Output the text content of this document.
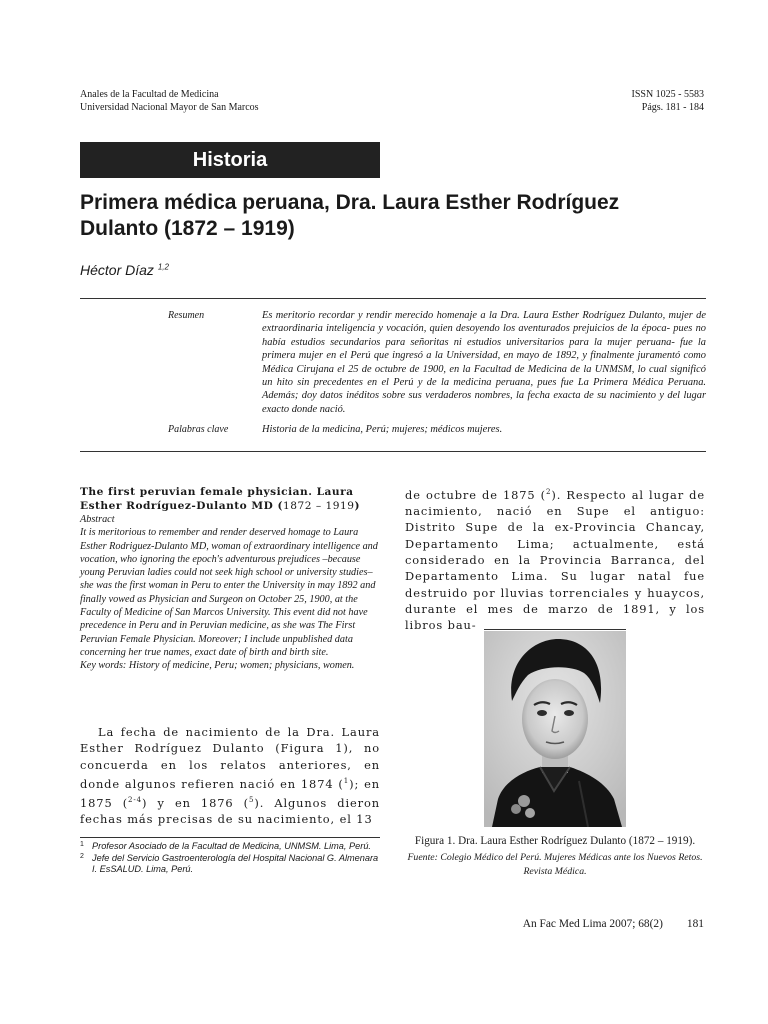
Anales de la Facultad de Medicina
Universidad Nacional Mayor de San Marcos
ISSN 1025 - 5583
Págs. 181 - 184
Historia
Primera médica peruana, Dra. Laura Esther Rodríguez Dulanto (1872 – 1919)
Héctor Díaz $^{1,2}$
Resumen	Es meritorio recordar y rendir merecido homenaje a la Dra. Laura Esther Rodríguez Dulanto, mujer de extraordinaria inteligencia y vocación, quien desoyendo los aventurados prejuicios de la época- pues no había estudios secundarios para señoritas ni estudios universitarios para la mujer peruana- fue la primera mujer en el Perú que ingresó a la Universidad, en mayo de 1892, y finalmente juramentó como Médica Cirujana el 25 de octubre de 1900, en la Facultad de Medicina de la UNMSM, lo cual significó un hito sin precedentes en el Perú y de la medicina peruana, pues fue La Primera Médica Peruana. Además; doy datos inéditos sobre sus verdaderos nombres, la fecha exacta de su nacimiento y del lugar exacto donde nació.
Palabras clave	Historia de la medicina, Perú; mujeres; médicos mujeres.
The first peruvian female physician. Laura Esther Rodríguez-Dulanto MD (1872 – 1919)
Abstract
It is meritorious to remember and render deserved homage to Laura Esther Rodriguez-Dulanto MD, woman of extraordinary intelligence and vocation, who ignoring the epoch's adventurous prejudices –because young Peruvian ladies could not seek high school or university studies– she was the first woman in Peru to enter the University in may 1892 and finally vowed as Physician and Surgeon on October 25, 1900, at the Faculty of Medicine of San Marcos University. This event did not have precedence in Peru and in Peruvian medicine, as she was The First Peruvian Female Physician. Moreover; I include unpublished data concerning her true names, exact date of birth and birth site.
Key words: History of medicine, Peru; women; physicians, women.
La fecha de nacimiento de la Dra. Laura Esther Rodríguez Dulanto (Figura 1), no concuerda en los relatos anteriores, en donde algunos refieren nació en 1874 ($^1$); en 1875 ($^{2-4}$) y en 1876 ($^5$). Algunos dieron fechas más precisas de su nacimiento, el 13
1 Profesor Asociado de la Facultad de Medicina, UNMSM. Lima, Perú.
2 Jefe del Servicio Gastroenterología del Hospital Nacional G. Almenara I. EsSALUD. Lima, Perú.
de octubre de 1875 ($^2$). Respecto al lugar de nacimiento, nació en Supe el antiguo: Distrito Supe de la ex-Provincia Chancay, Departamento Lima; actualmente, está considerado en la Provincia Barranca, del Departamento Lima. Su lugar natal fue destruido por lluvias torrenciales y huaycos, durante el mes de marzo de 1891, y los libros bau-
Figura 1. Dra. Laura Esther Rodríguez Dulanto (1872 – 1919).
Fuente: Colegio Médico del Perú. Mujeres Médicas ante los Nuevos Retos. Revista Médica.
An Fac Med Lima 2007; 68(2) 181
